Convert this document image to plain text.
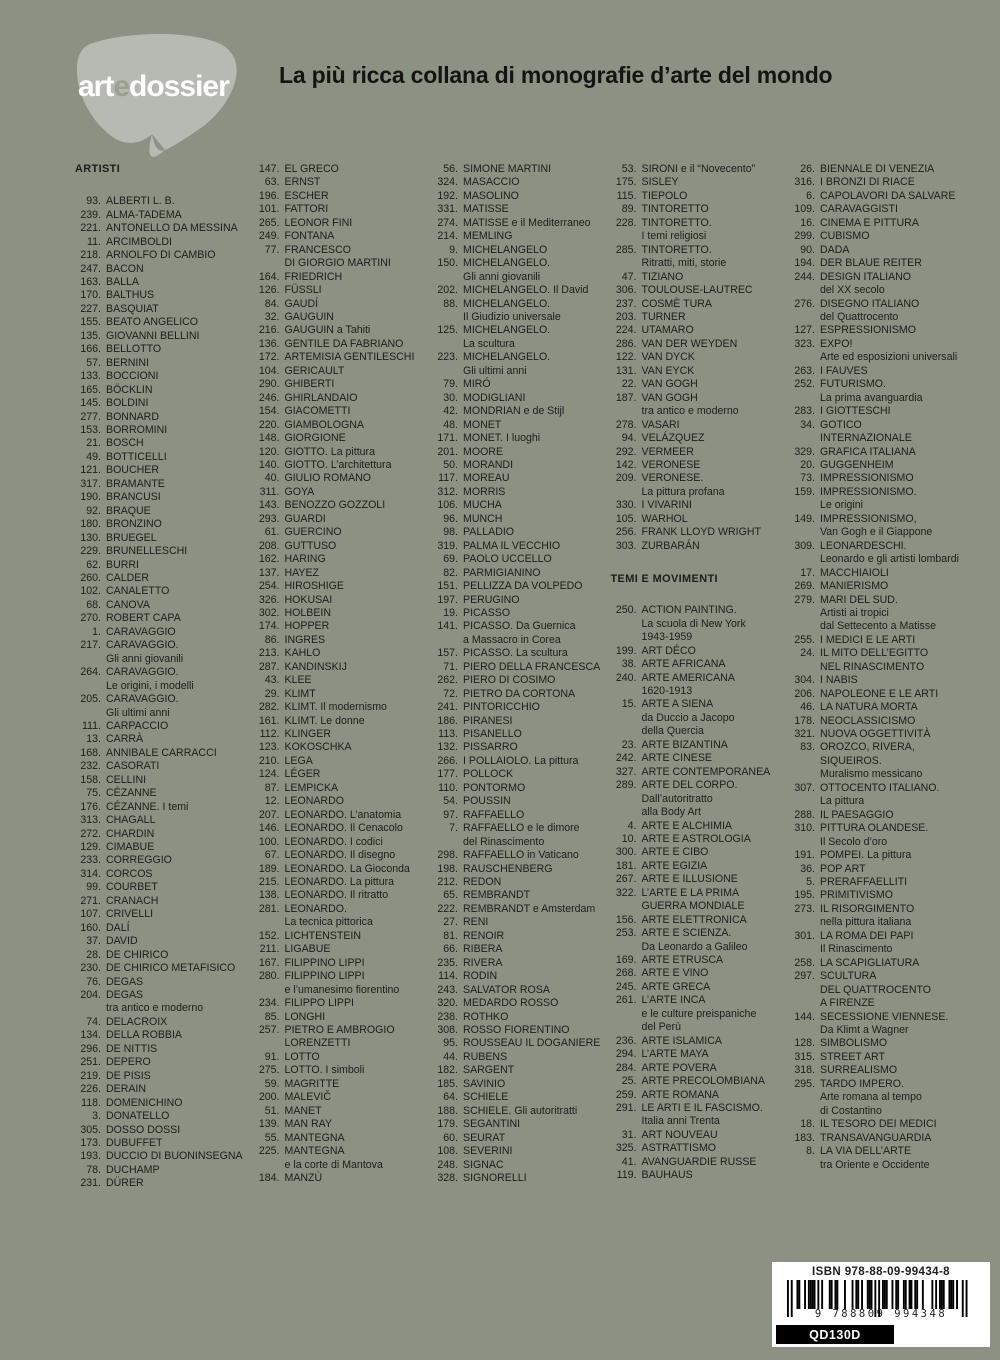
artedossier La più ricca collana di monografie d’arte del mondo
ARTISTI
93. ALBERTI L. B.
239. ALMA-TADEMA
221. ANTONELLO DA MESSINA
11. ARCIMBOLDI
218. ARNOLFO DI CAMBIO
247. BACON
163. BALLA
170. BALTHUS
227. BASQUIAT
155. BEATO ANGELICO
135. GIOVANNI BELLINI
166. BELLOTTO
57. BERNINI
133. BOCCIONI
165. BÖCKLIN
145. BOLDINI
277. BONNARD
153. BORROMINI
21. BOSCH
49. BOTTICELLI
121. BOUCHER
317. BRAMANTE
190. BRANCUSI
92. BRAQUE
180. BRONZINO
130. BRUEGEL
229. BRUNELLESCHI
62. BURRI
260. CALDER
102. CANALETTO
68. CANOVA
270. ROBERT CAPA
1. CARAVAGGIO
217. CARAVAGGIO.
Gli anni giovanili
264. CARAVAGGIO.
Le origini, i modelli
205. CARAVAGGIO.
Gli ultimi anni
111. CARPACCIO
13. CARRÀ
168. ANNIBALE CARRACCI
232. CASORATI
158. CELLINI
75. CÉZANNE
176. CÉZANNE. I temi
313. CHAGALL
272. CHARDIN
129. CIMABUE
233. CORREGGIO
314. CORCOS
99. COURBET
271. CRANACH
107. CRIVELLI
160. DALÍ
37. DAVID
28. DE CHIRICO
230. DE CHIRICO METAFISICO
76. DEGAS
204. DEGAS
tra antico e moderno
74. DELACROIX
134. DELLA ROBBIA
296. DE NITTIS
251. DEPERO
219. DE PISIS
226. DERAIN
118. DOMENICHINO
3. DONATELLO
305. DOSSO DOSSI
173. DUBUFFET
193. DUCCIO DI BUONINSEGNA
78. DUCHAMP
231. DÜRER
147. EL GRECO
63. ERNST
196. ESCHER
101. FATTORI
265. LEONOR FINI
249. FONTANA
77. FRANCESCO
DI GIORGIO MARTINI
164. FRIEDRICH
126. FÜSSLI
84. GAUDÍ
32. GAUGUIN
216. GAUGUIN a Tahiti
136. GENTILE DA FABRIANO
172. ARTEMISIA GENTILESCHI
104. GERICAULT
290. GHIBERTI
246. GHIRLANDAIO
154. GIACOMETTI
220. GIAMBOLOGNA
148. GIORGIONE
120. GIOTTO. La pittura
140. GIOTTO. L’architettura
40. GIULIO ROMANO
311. GOYA
143. BENOZZO GOZZOLI
293. GUARDI
61. GUERCINO
208. GUTTUSO
162. HARING
137. HAYEZ
254. HIROSHIGE
326. HOKUSAI
302. HOLBEIN
174. HOPPER
86. INGRES
213. KAHLO
287. KANDINSKIJ
43. KLEE
29. KLIMT
282. KLIMT. Il modernismo
161. KLIMT. Le donne
112. KLINGER
123. KOKOSCHKA
210. LEGA
124. LÉGER
87. LEMPICKA
12. LEONARDO
207. LEONARDO. L’anatomia
146. LEONARDO. Il Cenacolo
100. LEONARDO. I codici
67. LEONARDO. Il disegno
189. LEONARDO. La Gioconda
215. LEONARDO. La pittura
138. LEONARDO. Il ritratto
281. LEONARDO.
La tecnica pittorica
152. LICHTENSTEIN
211. LIGABUE
167. FILIPPINO LIPPI
280. FILIPPINO LIPPI
e l’umanesimo fiorentino
234. FILIPPO LIPPI
85. LONGHI
257. PIETRO E AMBROGIO
LORENZETTI
91. LOTTO
275. LOTTO. I simboli
59. MAGRITTE
200. MALEVIČ
51. MANET
139. MAN RAY
55. MANTEGNA
225. MANTEGNA
e la corte di Mantova
184. MANZÙ
56. SIMONE MARTINI
324. MASACCIO
192. MASOLINO
331. MATISSE
274. MATISSE e il Mediterraneo
214. MEMLING
9. MICHELANGELO
150. MICHELANGELO.
Gli anni giovanili
202. MICHELANGELO. Il David
88. MICHELANGELO.
Il Giudizio universale
125. MICHELANGELO.
La scultura
223. MICHELANGELO.
Gli ultimi anni
79. MIRÓ
30. MODIGLIANI
42. MONDRIAN e de Stijl
48. MONET
171. MONET. I luoghi
201. MOORE
50. MORANDI
117. MOREAU
312. MORRIS
106. MUCHA
96. MUNCH
98. PALLADIO
319. PALMA IL VECCHIO
69. PAOLO UCCELLO
82. PARMIGIANINO
151. PELLIZZA DA VOLPEDO
197. PERUGINO
19. PICASSO
141. PICASSO. Da Guernica
a Massacro in Corea
157. PICASSO. La scultura
71. PIERO DELLA FRANCESCA
262. PIERO DI COSIMO
72. PIETRO DA CORTONA
241. PINTORICCHIO
186. PIRANESI
113. PISANELLO
132. PISSARRO
266. I POLLAIOLO. La pittura
177. POLLOCK
110. PONTORMO
54. POUSSIN
97. RAFFAELLO
7. RAFFAELLO e le dimore
del Rinascimento
298. RAFFAELLO in Vaticano
198. RAUSCHENBERG
212. REDON
65. REMBRANDT
222. REMBRANDT e Amsterdam
27. RENI
81. RENOIR
66. RIBERA
235. RIVERA
114. RODIN
243. SALVATOR ROSA
320. MEDARDO ROSSO
238. ROTHKO
308. ROSSO FIORENTINO
95. ROUSSEAU IL DOGANIERE
44. RUBENS
182. SARGENT
185. SAVINIO
64. SCHIELE
188. SCHIELE. Gli autoritratti
179. SEGANTINI
60. SEURAT
108. SEVERINI
248. SIGNAC
328. SIGNORELLI
53. SIRONI e il “Novecento”
175. SISLEY
115. TIEPOLO
89. TINTORETTO
228. TINTORETTO.
I temi religiosi
285. TINTORETTO.
Ritratti, miti, storie
47. TIZIANO
306. TOULOUSE-LAUTREC
237. COSMÈ TURA
203. TURNER
224. UTAMARO
286. VAN DER WEYDEN
122. VAN DYCK
131. VAN EYCK
22. VAN GOGH
187. VAN GOGH
tra antico e moderno
278. VASARI
94. VELÁZQUEZ
292. VERMEER
142. VERONESE
209. VERONESE.
La pittura profana
330. I VIVARINI
105. WARHOL
256. FRANK LLOYD WRIGHT
303. ZURBARÁN
TEMI E MOVIMENTI
250. ACTION PAINTING.
La scuola di New York
1943-1959
199. ART DÉCO
38. ARTE AFRICANA
240. ARTE AMERICANA
1620-1913
15. ARTE A SIENA
da Duccio a Jacopo
della Quercia
23. ARTE BIZANTINA
242. ARTE CINESE
327. ARTE CONTEMPORANEA
289. ARTE DEL CORPO.
Dall’autoritratto
alla Body Art
4. ARTE E ALCHIMIA
10. ARTE E ASTROLOGIA
300. ARTE E CIBO
181. ARTE EGIZIA
267. ARTE E ILLUSIONE
322. L’ARTE E LA PRIMA
GUERRA MONDIALE
156. ARTE ELETTRONICA
253. ARTE E SCIENZA.
Da Leonardo a Galileo
169. ARTE ETRUSCA
268. ARTE E VINO
245. ARTE GRECA
261. L’ARTE INCA
e le culture preispaniche
del Perù
236. ARTE ISLAMICA
294. L’ARTE MAYA
284. ARTE POVERA
25. ARTE PRECOLOMBIANA
259. ARTE ROMANA
291. LE ARTI E IL FASCISMO.
Italia anni Trenta
31. ART NOUVEAU
325. ASTRATTISMO
41. AVANGUARDIE RUSSE
119. BAUHAUS
26. BIENNALE DI VENEZIA
316. I BRONZI DI RIACE
6. CAPOLAVORI DA SALVARE
109. CARAVAGGISTI
16. CINEMA E PITTURA
299. CUBISMO
90. DADA
194. DER BLAUE REITER
244. DESIGN ITALIANO
del XX secolo
276. DISEGNO ITALIANO
del Quattrocento
127. ESPRESSIONISMO
323. EXPO!
Arte ed esposizioni universali
263. I FAUVES
252. FUTURISMO.
La prima avanguardia
283. I GIOTTESCHI
34. GOTICO
INTERNAZIONALE
329. GRAFICA ITALIANA
20. GUGGENHEIM
73. IMPRESSIONISMO
159. IMPRESSIONISMO.
Le origini
149. IMPRESSIONISMO,
Van Gogh e il Giappone
309. LEONARDESCHI.
Leonardo e gli artisti lombardi
17. MACCHIAIOLI
269. MANIERISMO
279. MARI DEL SUD.
Artisti ai tropici
dal Settecento a Matisse
255. I MEDICI E LE ARTI
24. IL MITO DELL’EGITTO
NEL RINASCIMENTO
304. I NABIS
206. NAPOLEONE E LE ARTI
46. LA NATURA MORTA
178. NEOCLASSICISMO
321. NUOVA OGGETTIVITÀ
83. OROZCO, RIVERA,
SIQUEIROS.
Muralismo messicano
307. OTTOCENTO ITALIANO.
La pittura
288. IL PAESAGGIO
310. PITTURA OLANDESE.
Il Secolo d’oro
191. POMPEI. La pittura
36. POP ART
5. PRERAFFAELLITI
195. PRIMITIVISMO
273. IL RISORGIMENTO
nella pittura italiana
301. LA ROMA DEI PAPI
Il Rinascimento
258. LA SCAPIGLIATURA
297. SCULTURA
DEL QUATTROCENTO
A FIRENZE
144. SECESSIONE VIENNESE.
Da Klimt a Wagner
128. SIMBOLISMO
315. STREET ART
318. SURREALISMO
295. TARDO IMPERO.
Arte romana al tempo
di Costantino
18. IL TESORO DEI MEDICI
183. TRANSAVANGUARDIA
8. LA VIA DELL’ARTE
tra Oriente e Occidente
ISBN 978-88-09-99434-8
9 788809 994348
QD130D
